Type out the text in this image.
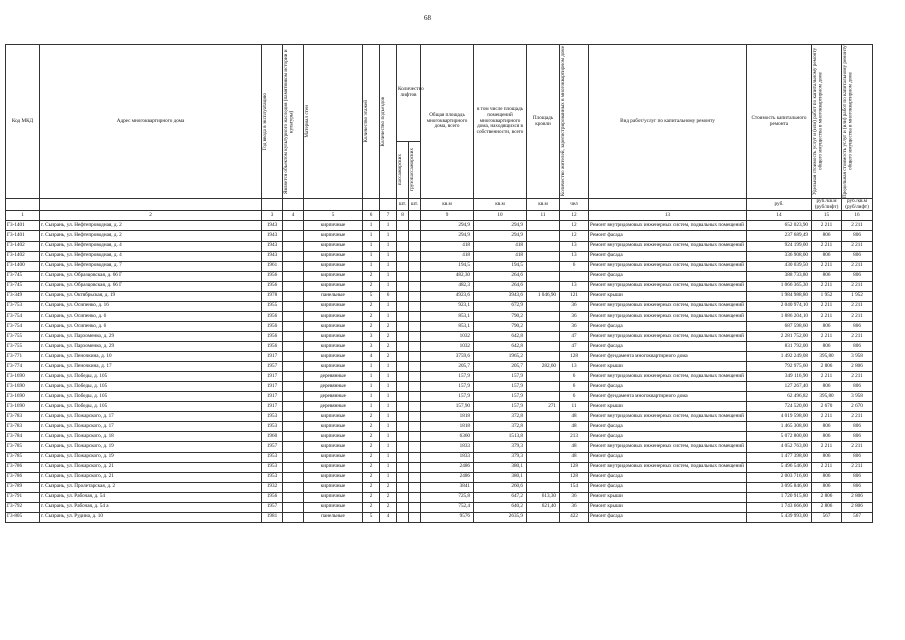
68
Код МКД	Адрес многоквартирного дома	Год ввода в эксплуатацию	Является объектом культурного наследия (памятником истории и культуры)	Материал стен	Количество этажей	Количество подъездов	Количество лифтов		Общая площадь многоквартирного дома, всего	в том числе площадь помещений многоквартирного дома, находящихся в собственности, всего	Площадь кровли	Количество жителей, зарегистрированных в многоквартирном доме	Вид работ/услуг по капитальному ремонту	Стоимость капитального ремонта	Удельная стоимость услуг и (или) работ по капитальному ремонту общего имущества в многоквартирном доме	Предельная стоимость услуг и (или) работ по капитальному ремонту общего имущества в многоквартирном доме

							пассажирских	грузопассажирских								

							шт.	шт.	кв.м	кв.м	кв.м	чел		руб.	руб./кв.м (руб/лифт)	руб./кв.м (руб/лифт)
1	2	3	4	5	6	7	8		9	10	11	12	13	14	15	16
Г3-1401	г. Сызрань, ул. Нефтепроводная, д. 2	1943		кирпичные	1	1			294,9	294,9		12	Ремонт внутридомовых инженерных систем, подвальных помещений	652 023,90	2 211	2 211
Г3-1401	г. Сызрань, ул. Нефтепроводная, д. 2	1943		кирпичные	1	1			294,9	294,9		12	Ремонт фасада	237 689,49	806	806
Г3-1402	г. Сызрань, ул. Нефтепроводная, д. 4	1943		кирпичные	1	1			418	418		13	Ремонт внутридомовых инженерных систем, подвальных помещений	924 199,00	2 211	2 211
Г3-1402	г. Сызрань, ул. Нефтепроводная, д. 4	1943		кирпичные	1	1			418	418		13	Ремонт фасада	336 908,00	806	806
Г3-1400	г. Сызрань, ул. Нефтепроводная, д. 7	1961		кирпичные	1	1			194,5	194,5		6	Ремонт внутридомовых инженерных систем, подвальных помещений	430 039,50	2 211	2 211
Г3-745	г. Сызрань, ул. Образцовская, д. 66 Г	1956		кирпичные	2	1			482,30	264,6			Ремонт фасада	388 733,80	806	806
Г3-745	г. Сызрань, ул. Образцовская, д. 66 Г	1956		кирпичные	2	1			482,3	264,6		13	Ремонт внутридомовых инженерных систем, подвальных помещений	1 066 365,30	2 211	2 211
Г3-349	г. Сызрань, ул. Октябрьская, д. 19	1978		панельные	5	6			4923,6	3943,6	1 046,90	121	Ремонт крыши	1 984 988,80	1 952	1 952
Г3-753	г. Сызрань, ул. Осипенко, д. 16	1955		кирпичные	2	1			923,1	672,9		36	Ремонт внутридомовых инженерных систем, подвальных помещений	2 040 974,10	2 211	2 211
Г3-754	г. Сызрань, ул. Осипенко, д. 6	1956		кирпичные	2	1			853,1	790,2		36	Ремонт внутридомовых инженерных систем, подвальных помещений	1 886 204,10	2 211	2 211
Г3-754	г. Сызрань, ул. Осипенко, д. 6	1956		кирпичные	2	2			853,1	790,2		36	Ремонт фасада	687 598,60	806	806
Г3-755	г. Сызрань, ул. Пархоменко, д. 29	1956		кирпичные	3	2			1032	642,8		47	Ремонт внутридомовых инженерных систем, подвальных помещений	2 281 752,00	2 211	2 211
Г3-755	г. Сызрань, ул. Пархоменко, д. 29	1956		кирпичные	3	2			1032	642,8		47	Ремонт фасада	831 792,00	806	806
Г3-771	г. Сызрань, ул. Пеночкина, д. 10	1917		кирпичные	4	2			3759,6	1965,2		128	Ремонт фундамента многоквартирного дома	1 492 249,08	395,80	3 958
Г3-774	г. Сызрань, ул. Пеночкина, д. 17	1957		кирпичные	1	1			205,7	205,7	282,60	13	Ремонт крыши	792 975,60	2 806	2 806
Г3-1690	г. Сызрань, ул. Победы, д. 105	1917		деревянные	1	1			157,9	157,9		6	Ремонт внутридомовых инженерных систем, подвальных помещений	349 116,90	2 211	2 211
Г3-1690	г. Сызрань, ул. Победы, д. 105	1917		деревянные	1	1			157,9	157,9		6	Ремонт фасада	127 267,40	806	806
Г3-1690	г. Сызрань, ул. Победы, д. 105	1917		деревянные	1	1			157,9	157,9		6	Ремонт фундамента многоквартирного дома	62 496,82	395,80	3 958
Г3-1690	г. Сызрань, ул. Победы, д. 105	1917		деревянные	1	1			157,90	157,9	271	11	Ремонт крыши	724 520,00	2 670	2 670
Г3-783	г. Сызрань, ул. Пожарского, д. 17	1953		кирпичные	2	1			1818	372,8		48	Ремонт внутридомовых инженерных систем, подвальных помещений	4 019 598,00	2 211	2 211
Г3-783	г. Сызрань, ул. Пожарского, д. 17	1953		кирпичные	2	1			1818	372,8		48	Ремонт фасада	1 465 308,00	806	806
Г3-784	г. Сызрань, ул. Пожарского, д. 18	1960		кирпичные	2	1			6360	1513,8		213	Ремонт фасада	5 072 800,00	806	806
Г3-785	г. Сызрань, ул. Пожарского, д. 19	1957		кирпичные	2	1			1833	379,3		48	Ремонт внутридомовых инженерных систем, подвальных помещений	4 052 763,00	2 211	2 211
Г3-785	г. Сызрань, ул. Пожарского, д. 19	1953		кирпичные	2	1			1833	379,3		48	Ремонт фасада	1 477 398,00	806	806
Г3-786	г. Сызрань, ул. Пожарского, д. 21	1953		кирпичные	2	1			2486	380,1		128	Ремонт внутридомовых инженерных систем, подвальных помещений	5 496 546,00	2 211	2 211
Г3-786	г. Сызрань, ул. Пожарского, д. 21	1953		кирпичные	2	1			2486	380,1		128	Ремонт фасада	2 003 716,00	806	806
Г3-789	г. Сызрань, ул. Пролетарская, д. 2	1932		кирпичные	2	2			3841	260,6		154	Ремонт фасада	3 095 846,00	806	806
Г3-791	г. Сызрань, ул. Рабочая, д. 54	1956		кирпичные	2	2			725,8	647,2	613,30	36	Ремонт крыши	1 720 915,80	2 806	2 806
Г3-792	г. Сызрань, ул. Рабочая, д. 54 а	1957		кирпичные	2	2			752,4	640,2	621,40	36	Ремонт крыши	1 743 666,00	2 806	2 806
Г3-805	г. Сызрань, ул. Рудина, д. 10	1981		панельные	5	4			9576	2635,9		422	Ремонт фасада	5 439 993,00	567	567
